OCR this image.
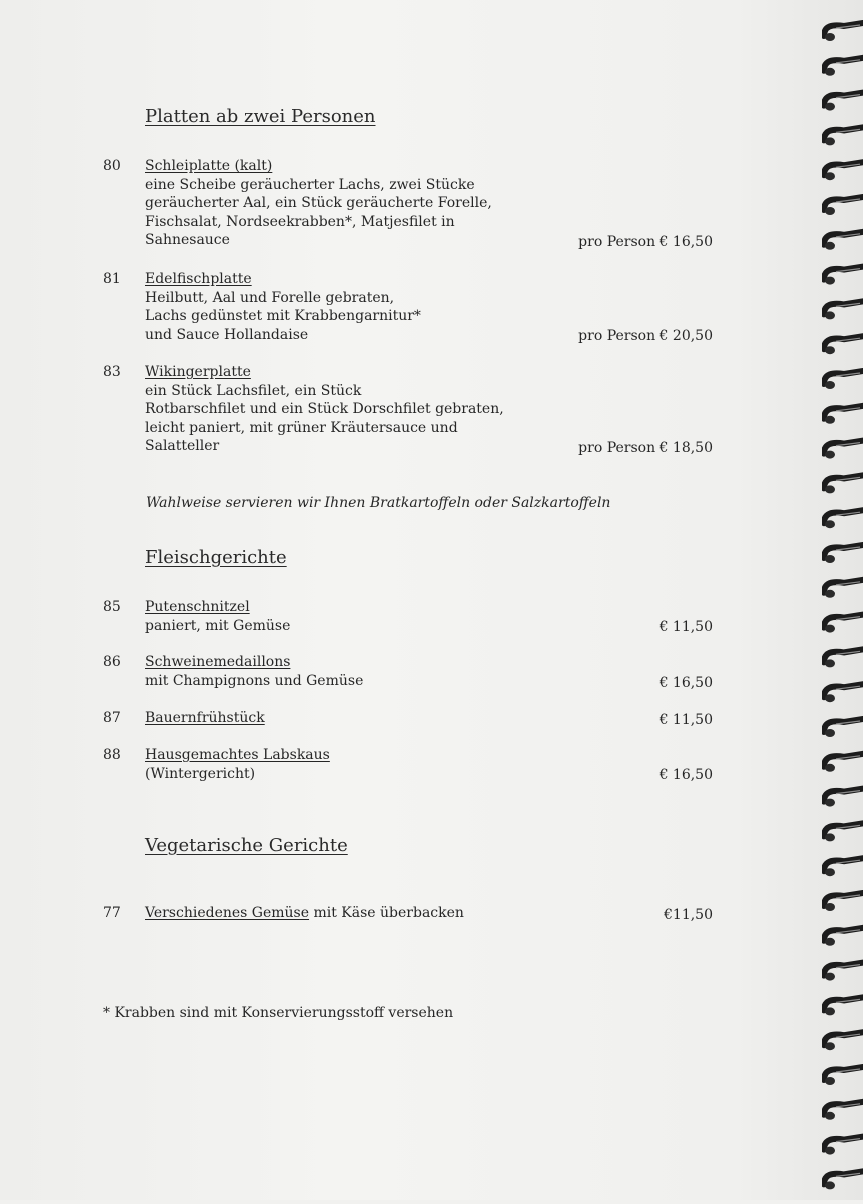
Platten ab zwei Personen
80 Schleiplatte (kalt)
eine Scheibe geräucherter Lachs, zwei Stücke
geräucherter Aal, ein Stück geräucherte Forelle,
Fischsalat, Nordseekrabben*, Matjesfilet in
Sahnesauce	pro Person € 16,50
81 Edelfischplatte
Heilbutt, Aal und Forelle gebraten,
Lachs gedünstet mit Krabbengarnitur*
und Sauce Hollandaise	pro Person € 20,50
83 Wikingerplatte
ein Stück Lachsfilet, ein Stück
Rotbarschfilet und ein Stück Dorschfilet gebraten,
leicht paniert, mit grüner Kräutersauce und
Salatteller	pro Person € 18,50
Wahlweise servieren wir Ihnen Bratkartoffeln oder Salzkartoffeln
Fleischgerichte
85 Putenschnitzel
paniert, mit Gemüse	€ 11,50
86 Schweinemedaillons
mit Champignons und Gemüse	€ 16,50
87 Bauernfrühstück	€ 11,50
88 Hausgemachtes Labskaus
(Wintergericht)	€ 16,50
Vegetarische Gerichte
77 Verschiedenes Gemüse mit Käse überbacken	€11,50
* Krabben sind mit Konservierungsstoff versehen
